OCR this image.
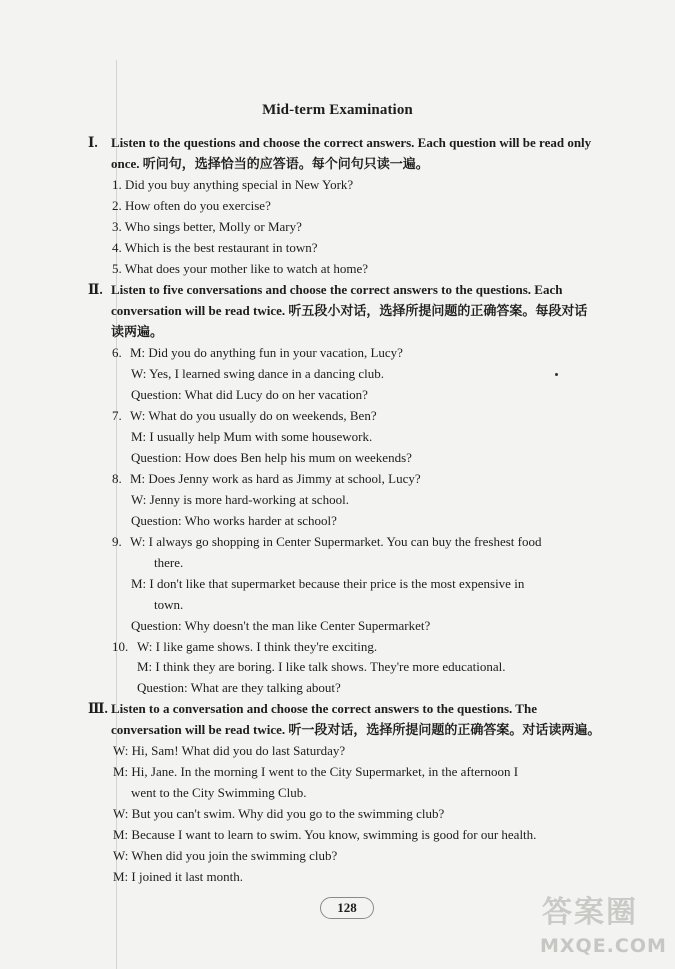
Mid-term Examination
Ⅰ. Listen to the questions and choose the correct answers. Each question will be read only
once. 听问句，选择恰当的应答语。每个问句只读一遍。
1. Did you buy anything special in New York?
2. How often do you exercise?
3. Who sings better, Molly or Mary?
4. Which is the best restaurant in town?
5. What does your mother like to watch at home?
Ⅱ. Listen to five conversations and choose the correct answers to the questions. Each
conversation will be read twice. 听五段小对话，选择所提问题的正确答案。每段对话
读两遍。
6. M: Did you do anything fun in your vacation, Lucy?
W: Yes, I learned swing dance in a dancing club.
Question: What did Lucy do on her vacation?
7. W: What do you usually do on weekends, Ben?
M: I usually help Mum with some housework.
Question: How does Ben help his mum on weekends?
8. M: Does Jenny work as hard as Jimmy at school, Lucy?
W: Jenny is more hard-working at school.
Question: Who works harder at school?
9. W: I always go shopping in Center Supermarket. You can buy the freshest food
there.
M: I don't like that supermarket because their price is the most expensive in
town.
Question: Why doesn't the man like Center Supermarket?
10. W: I like game shows. I think they're exciting.
M: I think they are boring. I like talk shows. They're more educational.
Question: What are they talking about?
Ⅲ. Listen to a conversation and choose the correct answers to the questions. The
conversation will be read twice. 听一段对话，选择所提问题的正确答案。对话读两遍。
W: Hi, Sam! What did you do last Saturday?
M: Hi, Jane. In the morning I went to the City Supermarket, in the afternoon I
went to the City Swimming Club.
W: But you can't swim. Why did you go to the swimming club?
M: Because I want to learn to swim. You know, swimming is good for our health.
W: When did you join the swimming club?
M: I joined it last month.
128	答案圈
MXQE.COM
